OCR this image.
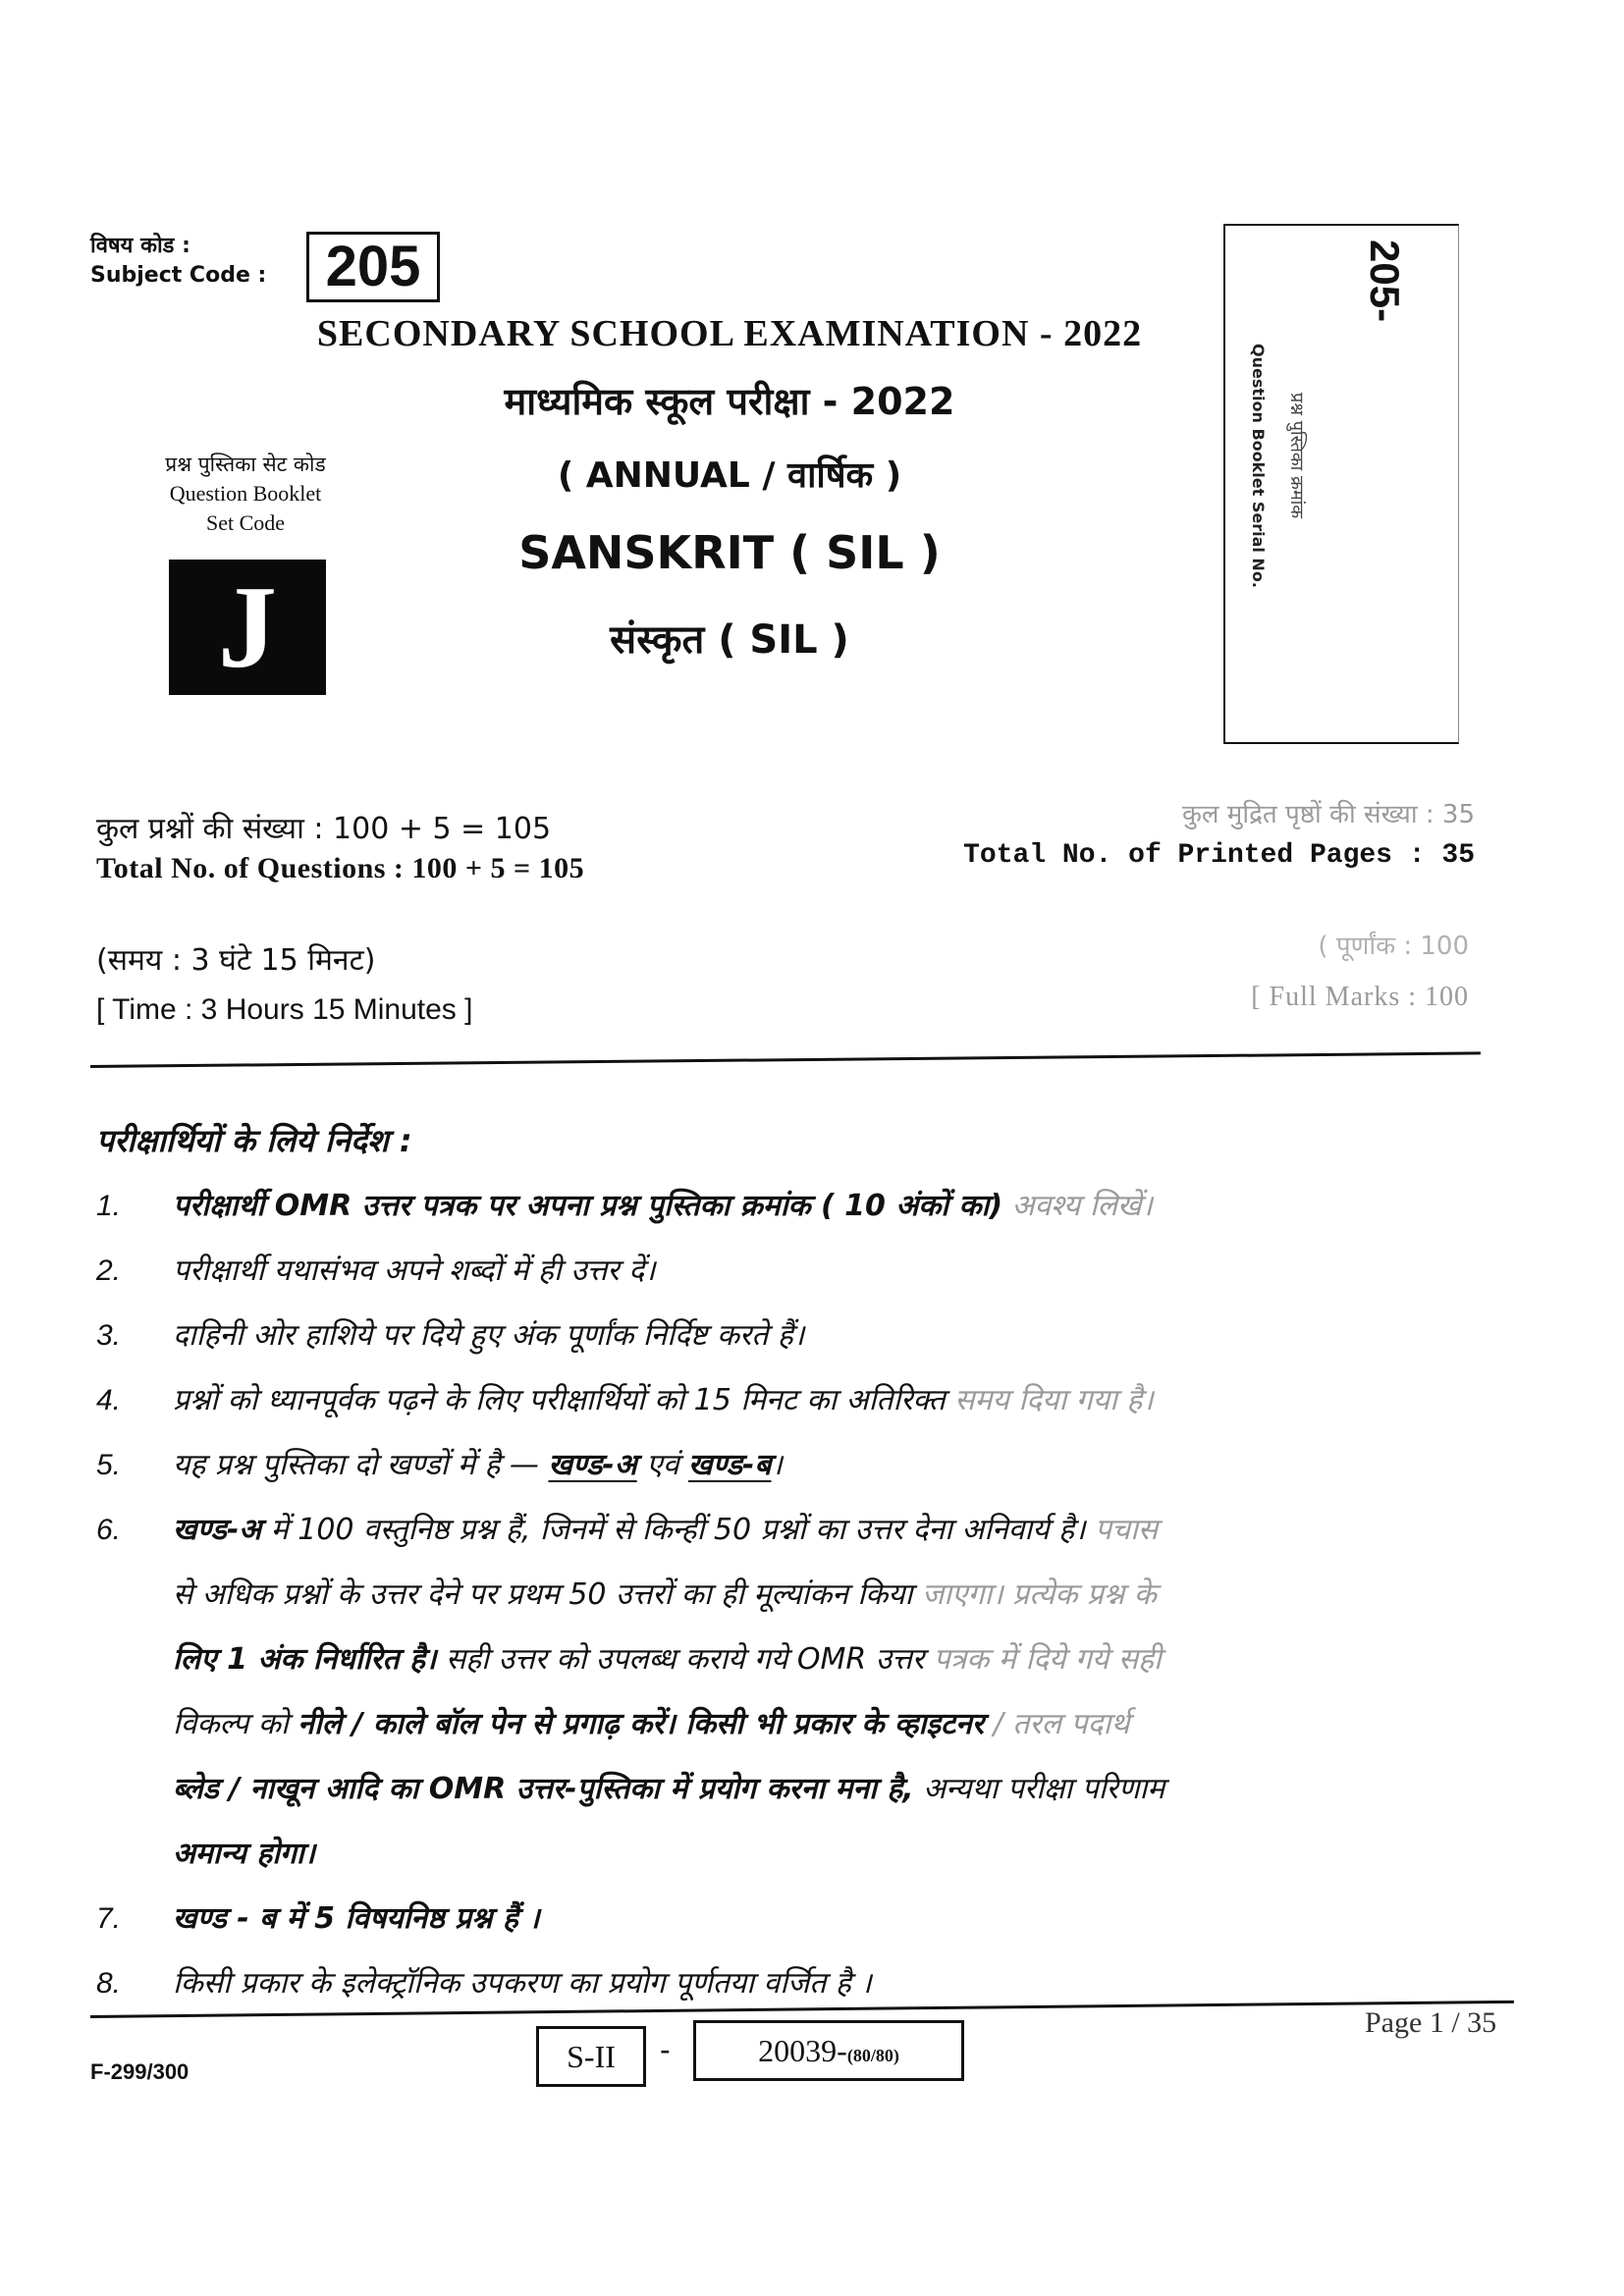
विषय कोड :
Subject Code :	205
SECONDARY SCHOOL EXAMINATION - 2022
माध्यमिक स्कूल परीक्षा - 2022
( ANNUAL / वार्षिक )
SANSKRIT ( SIL )
संस्कृत ( SIL )
प्रश्न पुस्तिका सेट कोड
Question Booklet
Set Code
J
205-
प्रश्न पुस्तिका क्रमांक
Question Booklet Serial No.
कुल प्रश्नों की संख्या : 100 + 5 = 105
Total No. of Questions : 100 + 5 = 105
कुल मुद्रित पृष्ठों की संख्या : 35
Total No. of Printed Pages : 35
(समय : 3 घंटे 15 मिनट)
[ Time : 3 Hours 15 Minutes ]
( पूर्णांक : 100
[ Full Marks : 100
परीक्षार्थियों के लिये निर्देश :
1.	परीक्षार्थी OMR उत्तर पत्रक पर अपना प्रश्न पुस्तिका क्रमांक ( 10 अंकों का) अवश्य लिखें।
2.	परीक्षार्थी यथासंभव अपने शब्दों में ही उत्तर दें।
3.	दाहिनी ओर हाशिये पर दिये हुए अंक पूर्णांक निर्दिष्ट करते हैं।
4.	प्रश्नों को ध्यानपूर्वक पढ़ने के लिए परीक्षार्थियों को 15 मिनट का अतिरिक्त समय दिया गया है।
5.	यह प्रश्न पुस्तिका दो खण्डों में है — खण्ड-अ एवं खण्ड-ब।
6.	खण्ड-अ में 100 वस्तुनिष्ठ प्रश्न हैं, जिनमें से किन्हीं 50 प्रश्नों का उत्तर देना अनिवार्य है। पचास
से अधिक प्रश्नों के उत्तर देने पर प्रथम 50 उत्तरों का ही मूल्यांकन किया जाएगा। प्रत्येक प्रश्न के
लिए 1 अंक निर्धारित है। सही उत्तर को उपलब्ध कराये गये OMR उत्तर पत्रक में दिये गये सही
विकल्प को नीले / काले बॉल पेन से प्रगाढ़ करें। किसी भी प्रकार के व्हाइटनर / तरल पदार्थ
ब्लेड / नाखून आदि का OMR उत्तर-पुस्तिका में प्रयोग करना मना है, अन्यथा परीक्षा परिणाम
अमान्य होगा।
7.	खण्ड - ब में 5 विषयनिष्ठ प्रश्न हैं ।
8.	किसी प्रकार के इलेक्ट्रॉनिक उपकरण का प्रयोग पूर्णतया वर्जित है ।
F-299/300	S-II	-	20039-(80/80)
Page 1 / 35
